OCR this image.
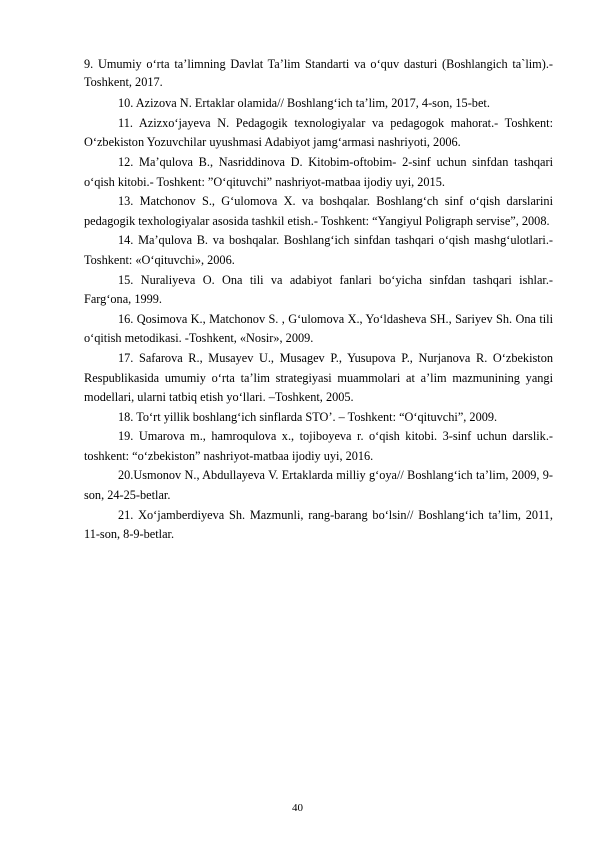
9. Umumiy o‘rta ta’limning Davlat Ta’lim Standarti va o‘quv dasturi (Boshlangich ta`lim).- Toshkent, 2017.

10. Azizova N. Ertaklar olamida// Boshlang‘ich ta’lim, 2017, 4-son, 15-bet.

11. Azizxo‘jayeva N. Pedagogik texnologiyalar va pedagogok mahorat.- Toshkent: O‘zbekiston Yozuvchilar uyushmasi Adabiyot jamg‘armasi nashriyoti, 2006.

12. Ma’qulova B., Nasriddinova D. Kitobim-oftobim- 2-sinf uchun sinfdan tashqari o‘qish kitobi.- Toshkent: ”O‘qituvchi” nashriyot-matbaa ijodiy uyi, 2015.

13. Matchonov S., G‘ulomova X. va boshqalar. Boshlang‘ch sinf o‘qish darslarini pedagogik texhologiyalar asosida tashkil etish.- Toshkent: “Yangiyul Poligraph servise”, 2008.

14. Ma’qulova B. va boshqalar. Boshlang‘ich sinfdan tashqari o‘qish mashg‘ulotlari.- Toshkent: «O‘qituvchi», 2006.

15. Nuraliyeva O. Ona tili va adabiyot fanlari bo‘yicha sinfdan tashqari ishlar.- Farg‘ona, 1999.

16. Qosimova K., Matchonov S. , G‘ulomova X., Yo‘ldasheva SH., Sariyev Sh. Ona tili o‘qitish metodikasi. -Toshkent, «Nosir», 2009.

17. Safarova R., Musayev U., Musagev P., Yusupova P., Nurjanova R. O‘zbekiston Respublikasida umumiy o‘rta ta’lim strategiyasi muammolari at a’lim mazmunining yangi modellari, ularni tatbiq etish yo‘llari. –Toshkent, 2005.

18. To‘rt yillik boshlang‘ich sinflarda STO’. – Toshkent: “O‘qituvchi”, 2009.

19. Umarova m., hamroqulova x., tojiboyeva r. o‘qish kitobi. 3-sinf uchun darslik.- toshkent: “o‘zbekiston” nashriyot-matbaa ijodiy uyi, 2016.

20.Usmonov N., Abdullayeva V. Ertaklarda milliy g‘oya// Boshlang‘ich ta’lim, 2009, 9-son, 24-25-betlar.

21. Xo‘jamberdiyeva Sh. Mazmunli, rang-barang bo‘lsin// Boshlang‘ich ta’lim, 2011, 11-son, 8-9-betlar.

40
